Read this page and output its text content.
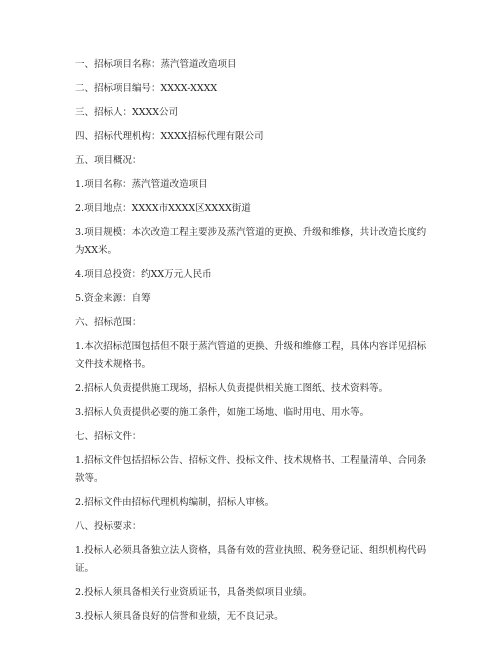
一、招标项目名称：蒸汽管道改造项目
二、招标项目编号：XXXX-XXXX
三、招标人：XXXX公司
四、招标代理机构：XXXX招标代理有限公司
五、项目概况：
1.项目名称：蒸汽管道改造项目
2.项目地点：XXXX市XXXX区XXXX街道
3.项目规模：本次改造工程主要涉及蒸汽管道的更换、升级和维修，共计改造长度约为XX米。
4.项目总投资：约XX万元人民币
5.资金来源：自筹
六、招标范围：
1.本次招标范围包括但不限于蒸汽管道的更换、升级和维修工程，具体内容详见招标文件技术规格书。
2.招标人负责提供施工现场，招标人负责提供相关施工图纸、技术资料等。
3.招标人负责提供必要的施工条件，如施工场地、临时用电、用水等。
七、招标文件：
1.招标文件包括招标公告、招标文件、投标文件、技术规格书、工程量清单、合同条款等。
2.招标文件由招标代理机构编制，招标人审核。
八、投标要求：
1.投标人必须具备独立法人资格，具备有效的营业执照、税务登记证、组织机构代码证。
2.投标人须具备相关行业资质证书，具备类似项目业绩。
3.投标人须具备良好的信誉和业绩，无不良记录。
